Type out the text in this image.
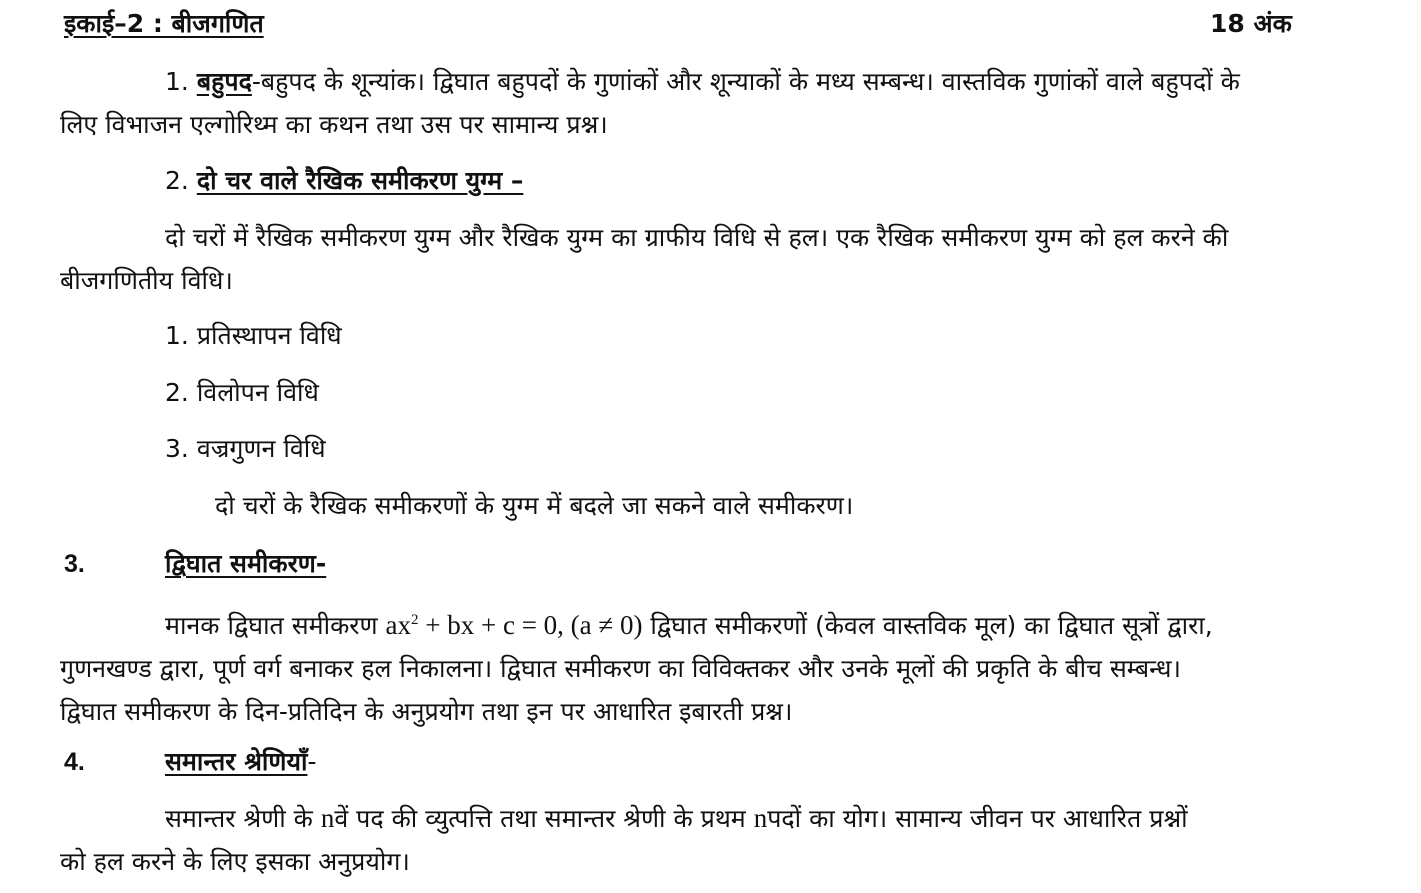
इकाई–2 : बीजगणित	18 अंक
1. बहुपद-बहुपद के शून्यांक। द्विघात बहुपदों के गुणांकों और शून्याकों के मध्य सम्बन्ध। वास्तविक गुणांकों वाले बहुपदों के
लिए विभाजन एल्गोरिथ्म का कथन तथा उस पर सामान्य प्रश्न।
2. दो चर वाले रैखिक समीकरण युग्म –
दो चरों में रैखिक समीकरण युग्म और रैखिक युग्म का ग्राफीय विधि से हल। एक रैखिक समीकरण युग्म को हल करने की
बीजगणितीय विधि।
1. प्रतिस्थापन विधि
2. विलोपन विधि
3. वज्रगुणन विधि
दो चरों के रैखिक समीकरणों के युग्म में बदले जा सकने वाले समीकरण।
3.	द्विघात समीकरण-
मानक द्विघात समीकरण $ax^2$ + bx + c = 0, (a ≠ 0) द्विघात समीकरणों (केवल वास्तविक मूल) का द्विघात सूत्रों द्वारा,
गुणनखण्ड द्वारा, पूर्ण वर्ग बनाकर हल निकालना। द्विघात समीकरण का विविक्तकर और उनके मूलों की प्रकृति के बीच सम्बन्ध।
द्विघात समीकरण के दिन-प्रतिदिन के अनुप्रयोग तथा इन पर आधारित इबारती प्रश्न।
4.	समान्तर श्रेणियाँ-
समान्तर श्रेणी के nवें पद की व्युत्पत्ति तथा समान्तर श्रेणी के प्रथम nपदों का योग। सामान्य जीवन पर आधारित प्रश्नों
को हल करने के लिए इसका अनुप्रयोग।
